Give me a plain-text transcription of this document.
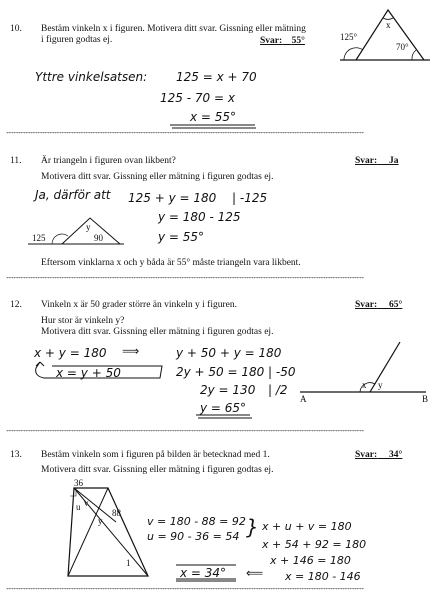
10. Bestäm vinkeln x i figuren. Motivera ditt svar. Gissning eller mätning
i figuren godtas ej.	Svar: 55°	125°
x
70°
Yttre vinkelsatsen: 125 = x + 70
125 - 70 = x
x = 55°
*****************************************************************************************************************************************************
11. Är triangeln i figuren ovan likbent?	Svar: Ja
Motivera ditt svar. Gissning eller mätning i figuren godtas ej.
Ja, därför att 125 + y = 180 | -125
y = 180 - 125
y = 55°
125	90
y
Eftersom vinklarna x och y båda är 55° måste triangeln vara likbent.
*****************************************************************************************************************************************************
12. Vinkeln x är 50 grader större än vinkeln y i figuren.	Svar: 65°
Hur stor är vinkeln y?
Motivera ditt svar. Gissning eller mätning i figuren godtas ej.
x + y = 180
x = y + 50
⟹	y + 50 + y = 180
2y + 50 = 180 | -50
2y = 130 | /2
y = 65°
A	B
x y
*****************************************************************************************************************************************************
13. Bestäm vinkeln som i figuren på bilden är betecknad med 1.	Svar: 34°
Motivera ditt svar. Gissning eller mätning i figuren godtas ej.
36
88
v
u
y
1
v = 180 - 88 = 92
u = 90 - 36 = 54 } x + u + v = 180
x + 54 + 92 = 180
x + 146 = 180
x = 34° ⟸ x = 180 - 146
*****************************************************************************************************************************************************
